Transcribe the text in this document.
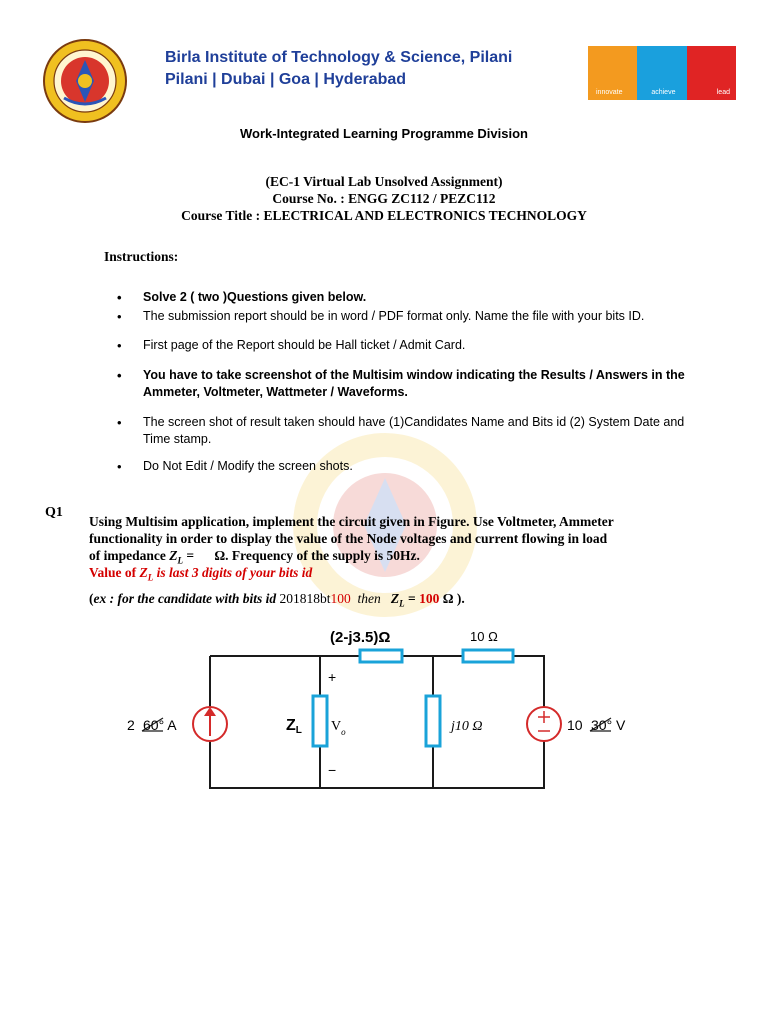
Birla Institute of Technology & Science, Pilani
Pilani | Dubai | Goa | Hyderabad
innovate	achieve	lead
Work-Integrated Learning Programme Division
(EC-1 Virtual Lab Unsolved Assignment)
Course No. : ENGG ZC112 / PEZC112
Course Title : ELECTRICAL AND ELECTRONICS TECHNOLOGY
Instructions:
• Solve 2 ( two )Questions given below.
• The submission report should be in word / PDF format only. Name the file with your bits ID.
• First page of the Report should be Hall ticket / Admit Card.
• You have to take screenshot of the Multisim window indicating the Results / Answers in the Ammeter, Voltmeter, Wattmeter / Waveforms.
• The screen shot of result taken should have (1)Candidates Name and Bits id (2) System Date and Time stamp.
• Do Not Edit / Modify the screen shots.
Q1
Using Multisim application, implement the circuit given in Figure. Use Voltmeter, Ammeter
functionality in order to display the value of the Node voltages and current flowing in load
of impedance $Z_L$ =      Ω. Frequency of the supply is 50Hz.
Value of $Z_L$ is last 3 digits of your bits id
(ex : for the candidate with bits id 201818bt100  then   $Z_L = 100$ Ω ).
(2-j3.5)Ω	10 Ω
2 60° A	ZL $V_o$
+
−
j10 Ω	10 30° V
